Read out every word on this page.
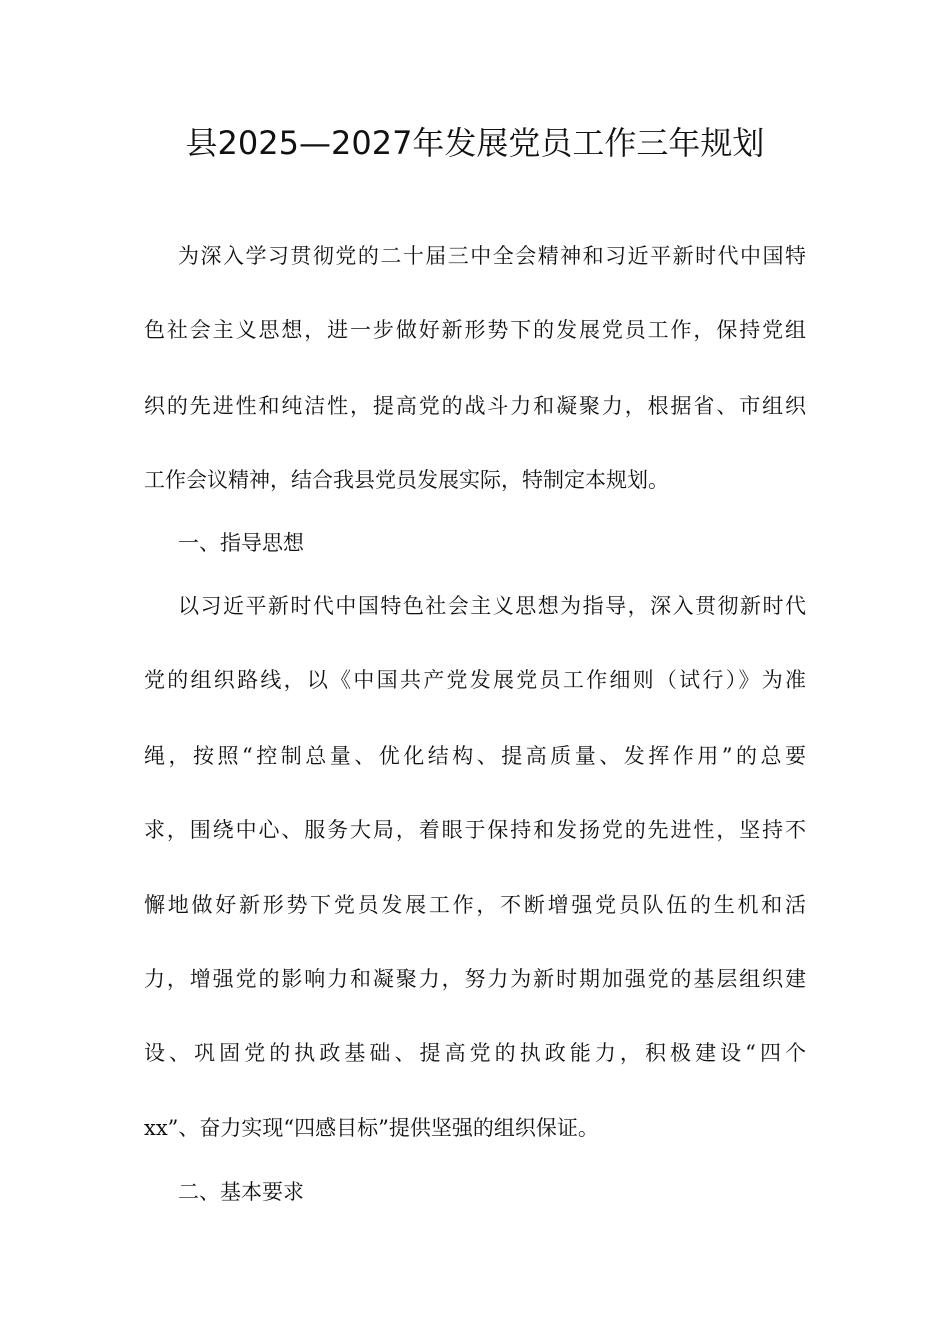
县2025—2027年发展党员工作三年规划

为深入学习贯彻党的二十届三中全会精神和习近平新时代中国特

色社会主义思想，进一步做好新形势下的发展党员工作，保持党组

织的先进性和纯洁性，提高党的战斗力和凝聚力，根据省、市组织

工作会议精神，结合我县党员发展实际，特制定本规划。

一、指导思想

以习近平新时代中国特色社会主义思想为指导，深入贯彻新时代

党的组织路线，以《中国共产党发展党员工作细则（试行）》为准

绳，按照“控制总量、优化结构、提高质量、发挥作用”的总要

求，围绕中心、服务大局，着眼于保持和发扬党的先进性，坚持不

懈地做好新形势下党员发展工作，不断增强党员队伍的生机和活

力，增强党的影响力和凝聚力，努力为新时期加强党的基层组织建

设、巩固党的执政基础、提高党的执政能力，积极建设“四个

xx”、奋力实现“四感目标”提供坚强的组织保证。

二、基本要求
